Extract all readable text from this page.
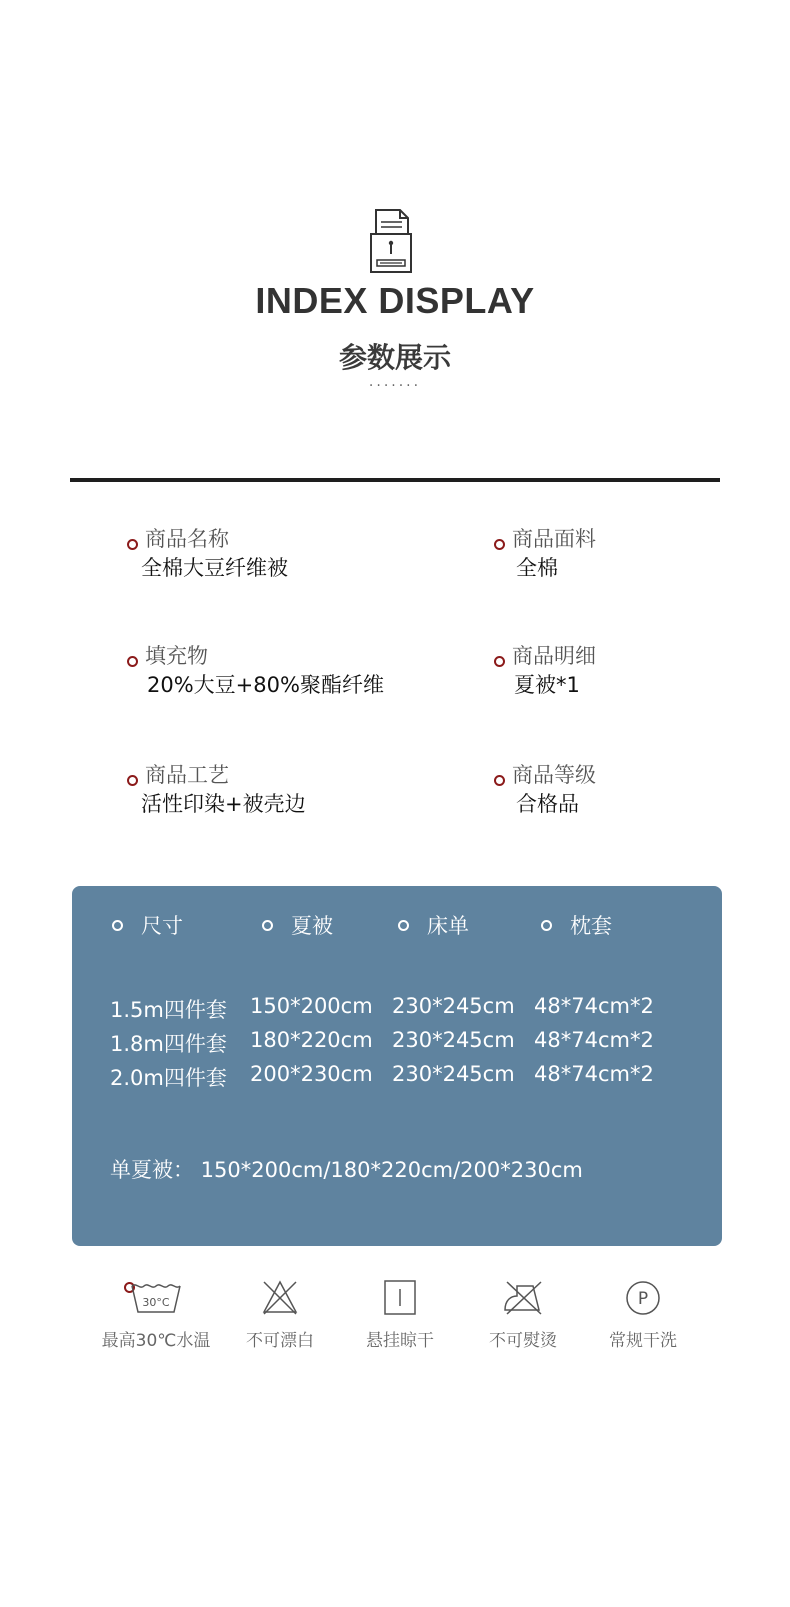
INDEX DISPLAY
参数展示
·······
商品名称
全棉大豆纤维被
商品面料
全棉
填充物
20%大豆+80%聚酯纤维
商品明细
夏被*1
商品工艺
活性印染+被壳边
商品等级
合格品
尺寸	夏被	床单	枕套
1.5m四件套 150*200cm 230*245cm 48*74cm*2
1.8m四件套 180*220cm 230*245cm 48*74cm*2
2.0m四件套 200*230cm 230*245cm 48*74cm*2
单夏被： 150*200cm/180*220cm/200*230cm
30°C
最高30℃水温	不可漂白	悬挂晾干	不可熨烫
P
常规干洗
